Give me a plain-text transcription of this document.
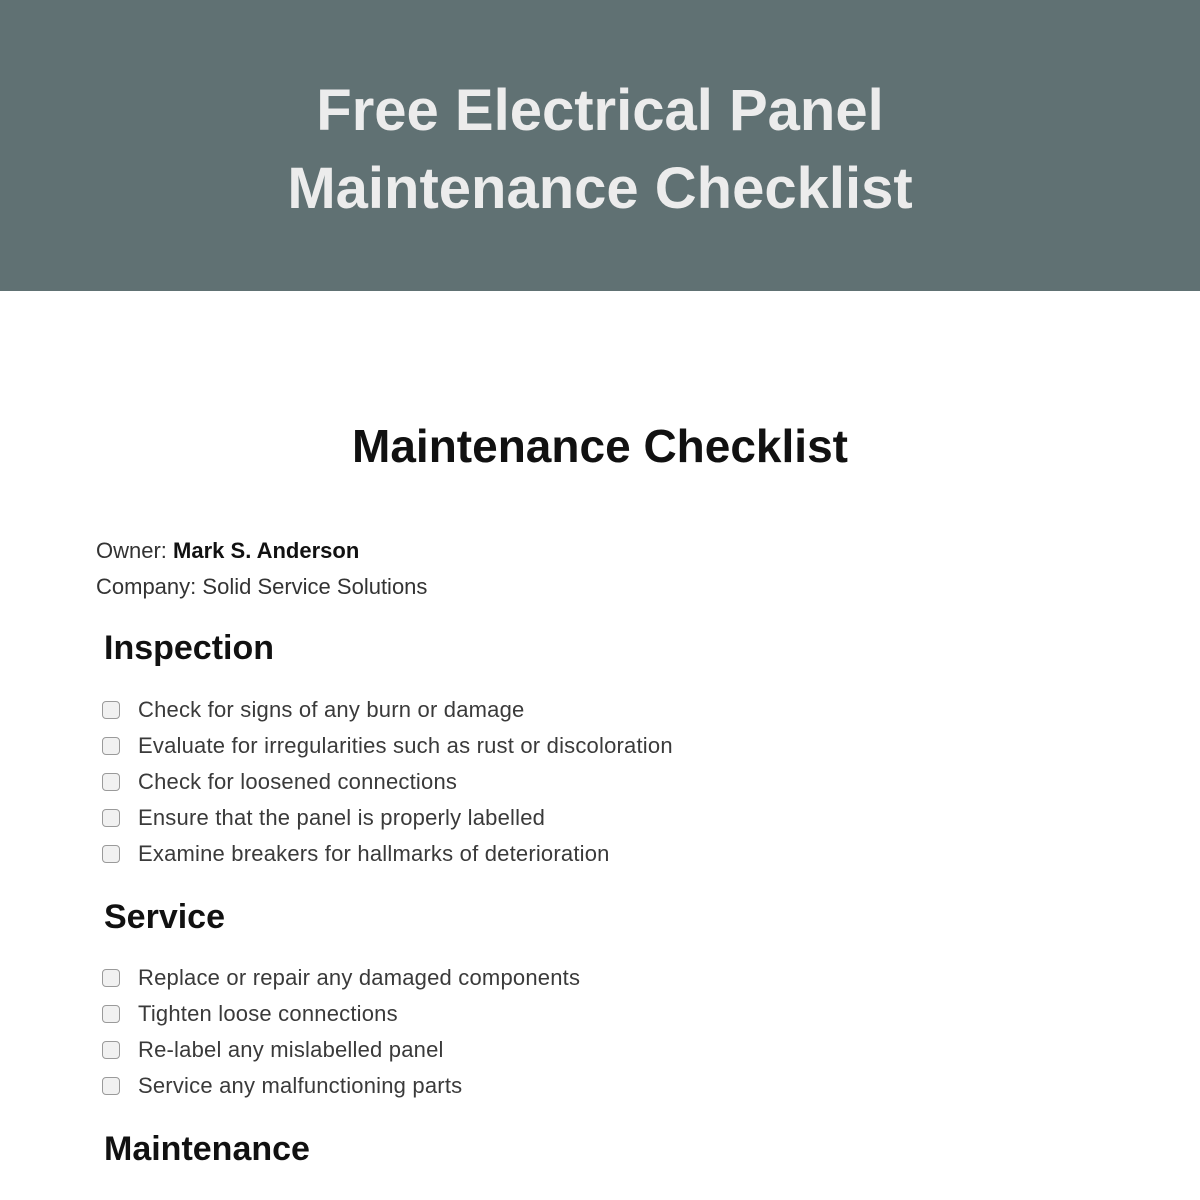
Free Electrical Panel
Maintenance Checklist
Maintenance Checklist
Owner: Mark S. Anderson
Company: Solid Service Solutions
Inspection
Check for signs of any burn or damage
Evaluate for irregularities such as rust or discoloration
Check for loosened connections
Ensure that the panel is properly labelled
Examine breakers for hallmarks of deterioration
Service
Replace or repair any damaged components
Tighten loose connections
Re-label any mislabelled panel
Service any malfunctioning parts
Maintenance
